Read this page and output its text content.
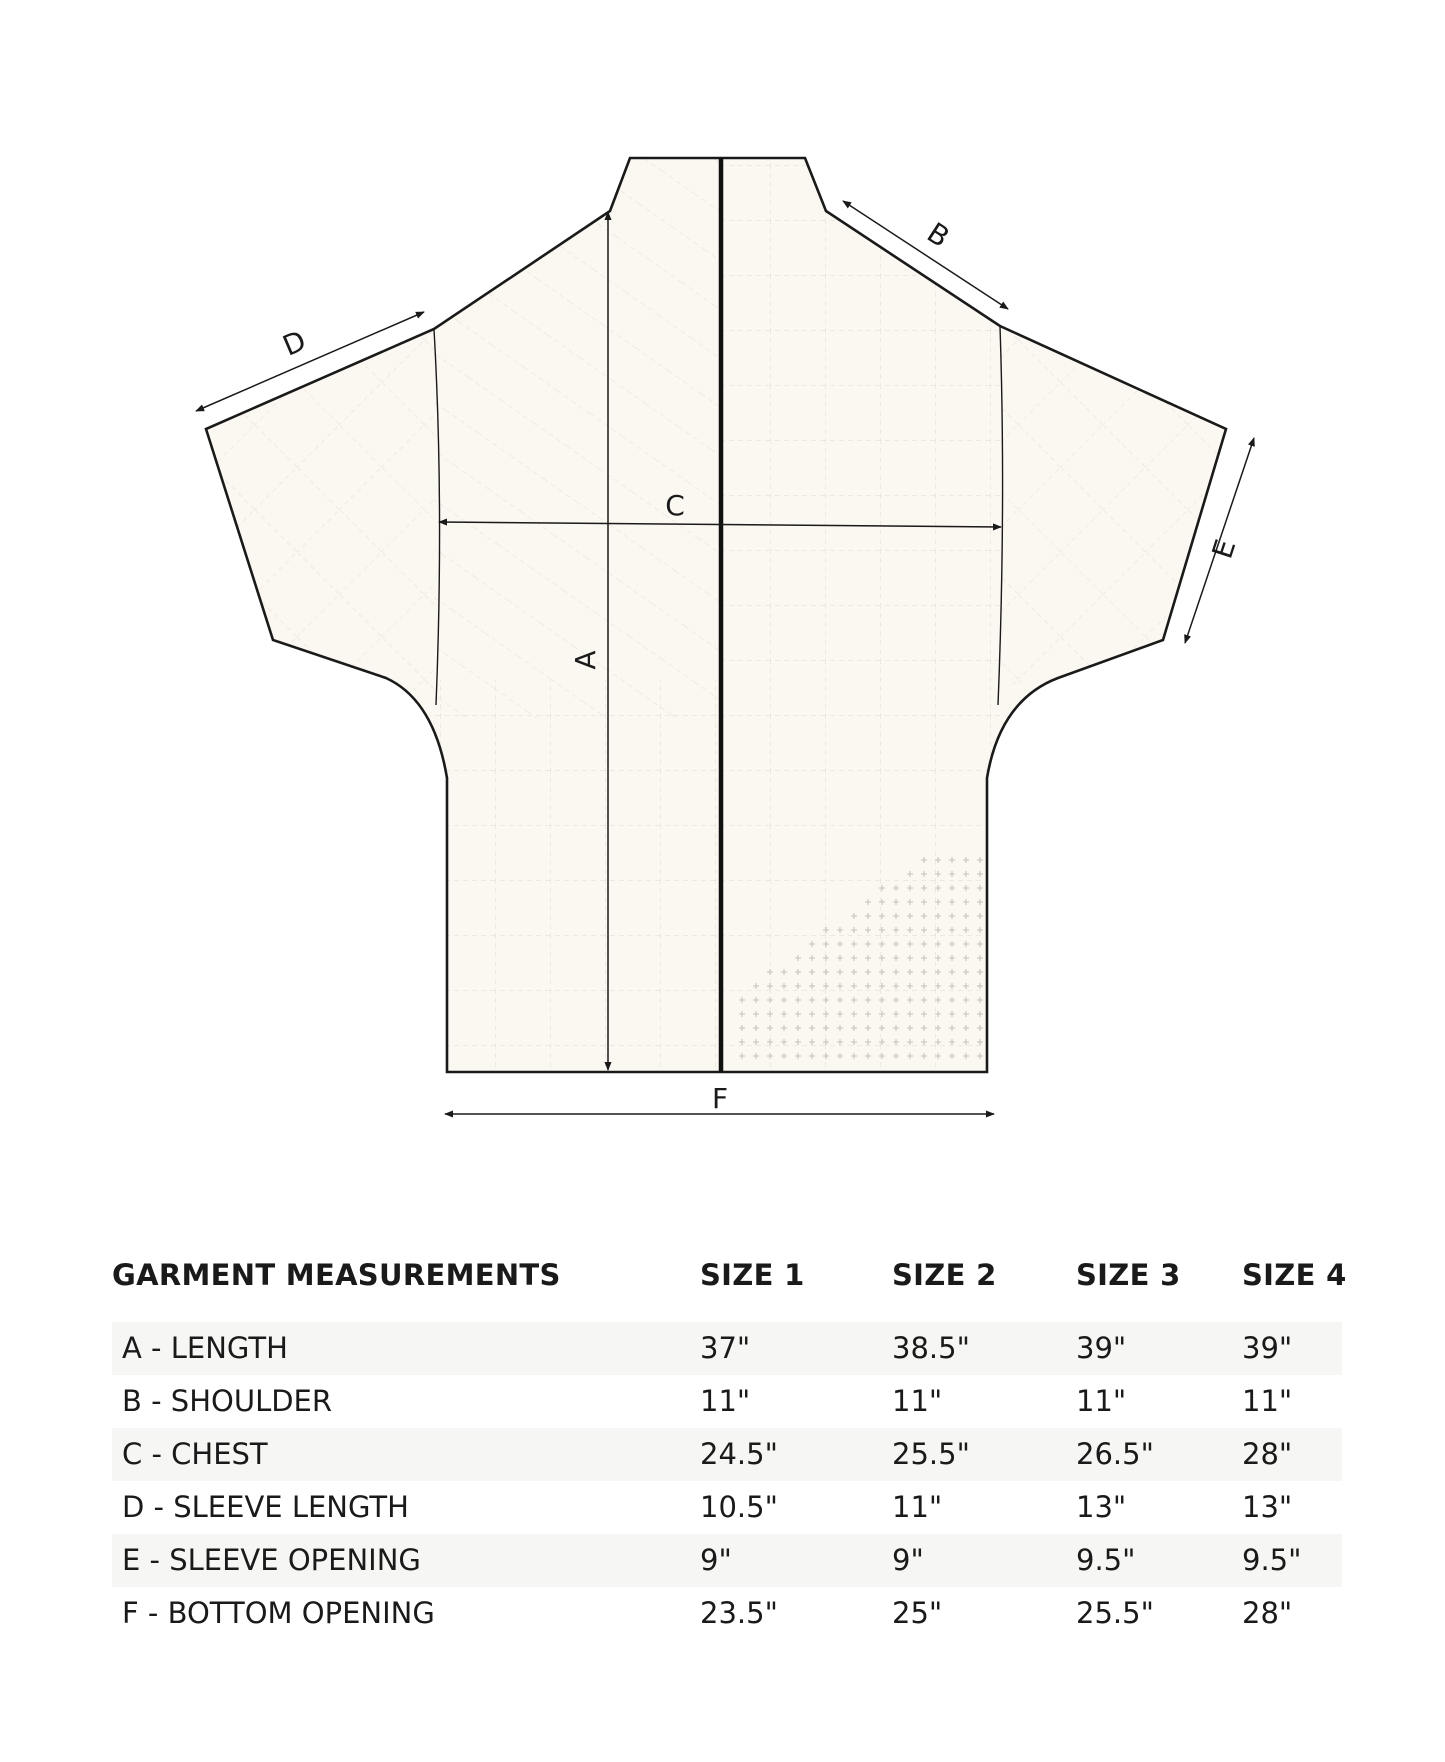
A
B
C
D
E
F
GARMENT MEASUREMENTS	SIZE 1	SIZE 2	SIZE 3 SIZE 4
A - LENGTH	37"	38.5"	39"	39"
B - SHOULDER	11"	11"	11"	11"
C - CHEST	24.5"	25.5"	26.5"	28"
D - SLEEVE LENGTH	10.5"	11"	13"	13"
E - SLEEVE OPENING	9"	9"	9.5"	9.5"
F - BOTTOM OPENING	23.5"	25"	25.5"	28"
